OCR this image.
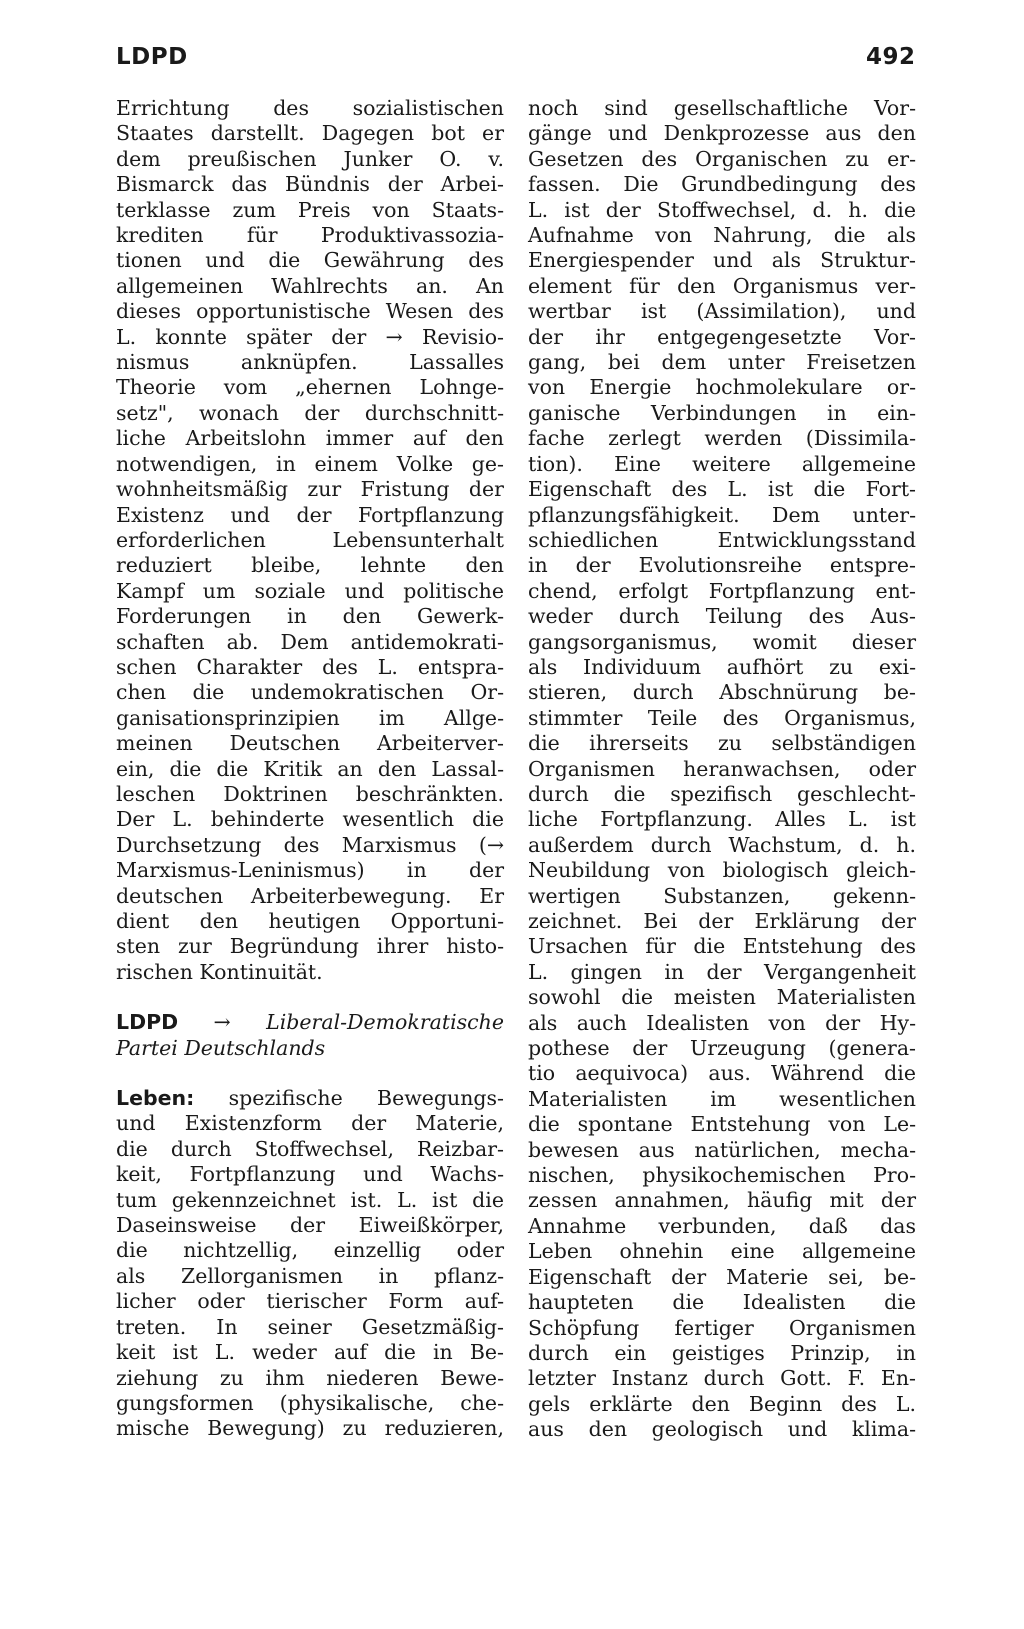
LDPD	492
Errichtung des sozialistischen
Staates darstellt. Dagegen bot er
dem preußischen Junker O. v.
Bismarck das Bündnis der Arbei-
terklasse zum Preis von Staats-
krediten für Produktivassozia-
tionen und die Gewährung des
allgemeinen Wahlrechts an. An
dieses opportunistische Wesen des
L. konnte später der → Revisio-
nismus anknüpfen. Lassalles
Theorie vom „ehernen Lohnge-
setz", wonach der durchschnitt-
liche Arbeitslohn immer auf den
notwendigen, in einem Volke ge-
wohnheitsmäßig zur Fristung der
Existenz und der Fortpflanzung
erforderlichen Lebensunterhalt
reduziert bleibe, lehnte den
Kampf um soziale und politische
Forderungen in den Gewerk-
schaften ab. Dem antidemokrati-
schen Charakter des L. entspra-
chen die undemokratischen Or-
ganisationsprinzipien im Allge-
meinen Deutschen Arbeiterver-
ein, die die Kritik an den Lassal-
leschen Doktrinen beschränkten.
Der L. behinderte wesentlich die
Durchsetzung des Marxismus (→
Marxismus-Leninismus) in der
deutschen Arbeiterbewegung. Er
dient den heutigen Opportuni-
sten zur Begründung ihrer histo-
rischen Kontinuität.
LDPD → Liberal-Demokratische
Partei Deutschlands
Leben: spezifische Bewegungs-
und Existenzform der Materie,
die durch Stoffwechsel, Reizbar-
keit, Fortpflanzung und Wachs-
tum gekennzeichnet ist. L. ist die
Daseinsweise der Eiweißkörper,
die nichtzellig, einzellig oder
als Zellorganismen in pflanz-
licher oder tierischer Form auf-
treten. In seiner Gesetzmäßig-
keit ist L. weder auf die in Be-
ziehung zu ihm niederen Bewe-
gungsformen (physikalische, che-
mische Bewegung) zu reduzieren,
noch sind gesellschaftliche Vor-
gänge und Denkprozesse aus den
Gesetzen des Organischen zu er-
fassen. Die Grundbedingung des
L. ist der Stoffwechsel, d. h. die
Aufnahme von Nahrung, die als
Energiespender und als Struktur-
element für den Organismus ver-
wertbar ist (Assimilation), und
der ihr entgegengesetzte Vor-
gang, bei dem unter Freisetzen
von Energie hochmolekulare or-
ganische Verbindungen in ein-
fache zerlegt werden (Dissimila-
tion). Eine weitere allgemeine
Eigenschaft des L. ist die Fort-
pflanzungsfähigkeit. Dem unter-
schiedlichen Entwicklungsstand
in der Evolutionsreihe entspre-
chend, erfolgt Fortpflanzung ent-
weder durch Teilung des Aus-
gangsorganismus, womit dieser
als Individuum aufhört zu exi-
stieren, durch Abschnürung be-
stimmter Teile des Organismus,
die ihrerseits zu selbständigen
Organismen heranwachsen, oder
durch die spezifisch geschlecht-
liche Fortpflanzung. Alles L. ist
außerdem durch Wachstum, d. h.
Neubildung von biologisch gleich-
wertigen Substanzen, gekenn-
zeichnet. Bei der Erklärung der
Ursachen für die Entstehung des
L. gingen in der Vergangenheit
sowohl die meisten Materialisten
als auch Idealisten von der Hy-
pothese der Urzeugung (genera-
tio aequivoca) aus. Während die
Materialisten im wesentlichen
die spontane Entstehung von Le-
bewesen aus natürlichen, mecha-
nischen, physikochemischen Pro-
zessen annahmen, häufig mit der
Annahme verbunden, daß das
Leben ohnehin eine allgemeine
Eigenschaft der Materie sei, be-
haupteten die Idealisten die
Schöpfung fertiger Organismen
durch ein geistiges Prinzip, in
letzter Instanz durch Gott. F. En-
gels erklärte den Beginn des L.
aus den geologisch und klima-
